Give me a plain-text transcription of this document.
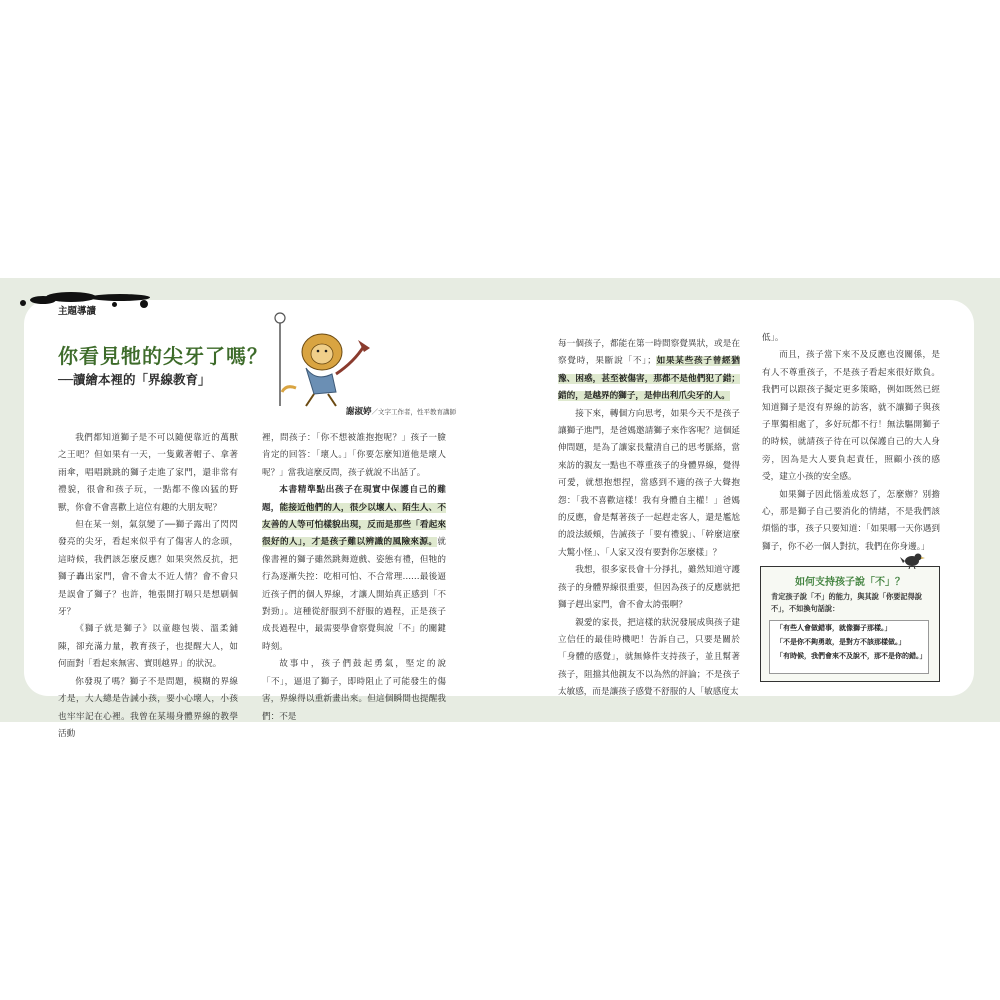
主題導讀
你看見牠的尖牙了嗎？
──讀繪本裡的「界線教育」
謝淑婷／文字工作者，性平教育講師

我們都知道獅子是不可以隨便靠近的萬獸之王吧？但如果有一天，一隻戴著帽子、拿著雨傘，唱唱跳跳的獅子走進了家門，還非常有禮貌，很會和孩子玩，一點都不像凶猛的野獸，你會不會喜歡上這位有趣的大朋友呢？

但在某一刻，氣氛變了──獅子露出了閃閃發亮的尖牙，看起來似乎有了傷害人的念頭，這時候，我們該怎麼反應？如果突然反抗，把獅子轟出家門，會不會太不近人情？會不會只是誤會了獅子？也許，牠張開打嗝只是想刷個牙？

《獅子就是獅子》以童趣包裝、溫柔鋪陳，卻充滿力量，教育孩子，也提醒大人，如何面對「看起來無害、實則越界」的狀況。

你發現了嗎？獅子不是問題，模糊的界線才是，大人總是告誡小孩，要小心壞人，小孩也牢牢記在心裡。我曾在某場身體界線的教學活動

裡，問孩子：「你不想被誰抱抱呢？」孩子一臉肯定的回答：「壞人。」「你要怎麼知道他是壞人呢？」當我這麼反問，孩子就說不出話了。

本書精準點出孩子在現實中保護自己的難題，能接近他們的人，很少以壞人、陌生人、不友善的人等可怕樣貌出現，反而是那些「看起來很好的人」，才是孩子難以辨識的風險來源。就像書裡的獅子雖然跳舞遊戲、姿態有禮，但牠的行為逐漸失控：吃相可怕、不合常理……最後逼近孩子們的個人界線，才讓人開始真正感到「不對勁」。這種從舒服到不舒服的過程，正是孩子成長過程中，最需要學會察覺與說「不」的關鍵時刻。

故事中，孩子們鼓起勇氣，堅定的說「不」，逼退了獅子，即時阻止了可能發生的傷害，界線得以重新畫出來。但這個瞬間也提醒我們：不是

每一個孩子，都能在第一時間察覺異狀，或是在察覺時，果斷說「不」；如果某些孩子曾經猶豫、困惑，甚至被傷害，那都不是他們犯了錯；錯的，是越界的獅子，是伸出利爪尖牙的人。

接下來，轉個方向思考，如果今天不是孩子讓獅子進門，是爸媽邀請獅子來作客呢？這個延伸問題，是為了讓家長釐清自己的思考脈絡，當來訪的親友一點也不尊重孩子的身體界線，覺得可愛，就想抱想捏，當感到不適的孩子大聲抱怨：「我不喜歡這樣！我有身體自主權！」爸媽的反應，會是幫著孩子一起趕走客人，還是尷尬的設法緩頰，告誡孩子「要有禮貌」、「幹麼這麼大驚小怪」、「人家又沒有要對你怎麼樣」？

我想，很多家長會十分掙扎，雖然知道守護孩子的身體界線很重要，但因為孩子的反應就把獅子趕出家門，會不會太誇張啊？

親愛的家長，把這樣的狀況發展成與孩子建立信任的最佳時機吧！告訴自己，只要是關於「身體的感覺」，就無條件支持孩子，並且幫著孩子，阻擋其他親友不以為然的評論；不是孩子太敏感，而是讓孩子感覺不舒服的人「敏感度太

低」。

而且，孩子當下來不及反應也沒關係，是有人不尊重孩子，不是孩子看起來很好欺負。我們可以跟孩子擬定更多策略，例如既然已經知道獅子是沒有界線的訪客，就不讓獅子與孩子單獨相處了，多好玩都不行！無法驅開獅子的時候，就請孩子待在可以保護自己的大人身旁，因為是大人要負起責任，照顧小孩的感受，建立小孩的安全感。

如果獅子因此惱羞成怒了，怎麼辦？別擔心，那是獅子自己要消化的情緒，不是我們該煩惱的事，孩子只要知道：「如果哪一天你遇到獅子，你不必一個人對抗，我們在你身邊。」

如何支持孩子說「不」？
肯定孩子說「不」的能力，與其說「你要記得說不」，不如換句話說：
「有些人會做錯事，就像獅子那樣。」
「不是你不夠勇敢，是對方不該那樣做。」
「有時候，我們會來不及說不，那不是你的錯。」
